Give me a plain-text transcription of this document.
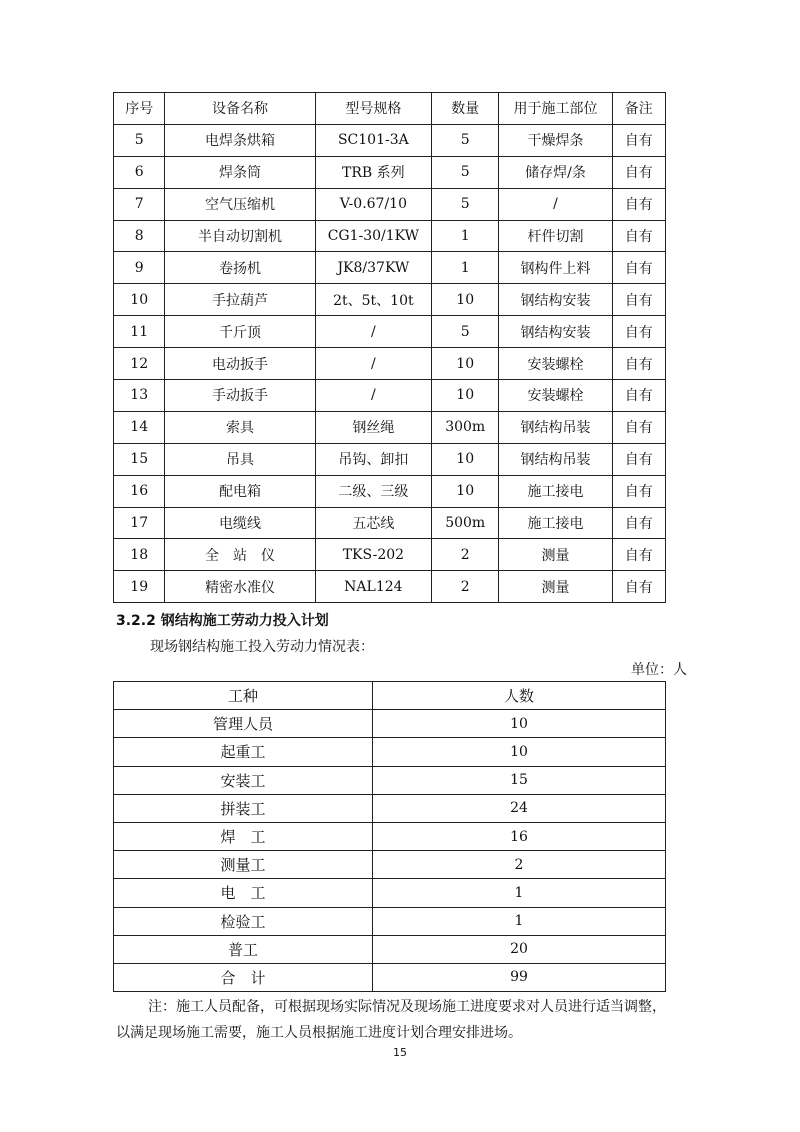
序号	设备名称	型号规格	数量	用于施工部位	备注
5	电焊条烘箱	SC101-3A	5	干燥焊条	自有
6	焊条筒	TRB 系列	5	储存焊/条	自有
7	空气压缩机	V-0.67/10	5	/	自有
8	半自动切割机	CG1-30/1KW	1	杆件切割	自有
9	卷扬机	JK8/37KW	1	钢构件上料	自有
10	手拉葫芦	2t、5t、10t	10	钢结构安装	自有
11	千斤顶	/	5	钢结构安装	自有
12	电动扳手	/	10	安装螺栓	自有
13	手动扳手	/	10	安装螺栓	自有
14	索具	钢丝绳	300m	钢结构吊装	自有
15	吊具	吊钩、卸扣	10	钢结构吊装	自有
16	配电箱	二级、三级	10	施工接电	自有
17	电缆线	五芯线	500m	施工接电	自有
18	全　站　仪	TKS-202	2	测量	自有
19	精密水准仪	NAL124	2	测量	自有
3.2.2 钢结构施工劳动力投入计划
现场钢结构施工投入劳动力情况表：
单位：人
工种	人数
管理人员	10
起重工	10
安装工	15
拼装工	24
焊　工	16
测量工	2
电　工	1
检验工	1
普工	20
合　计	99
注：施工人员配备，可根据现场实际情况及现场施工进度要求对人员进行适当调整，以满足现场施工需要，施工人员根据施工进度计划合理安排进场。
15
